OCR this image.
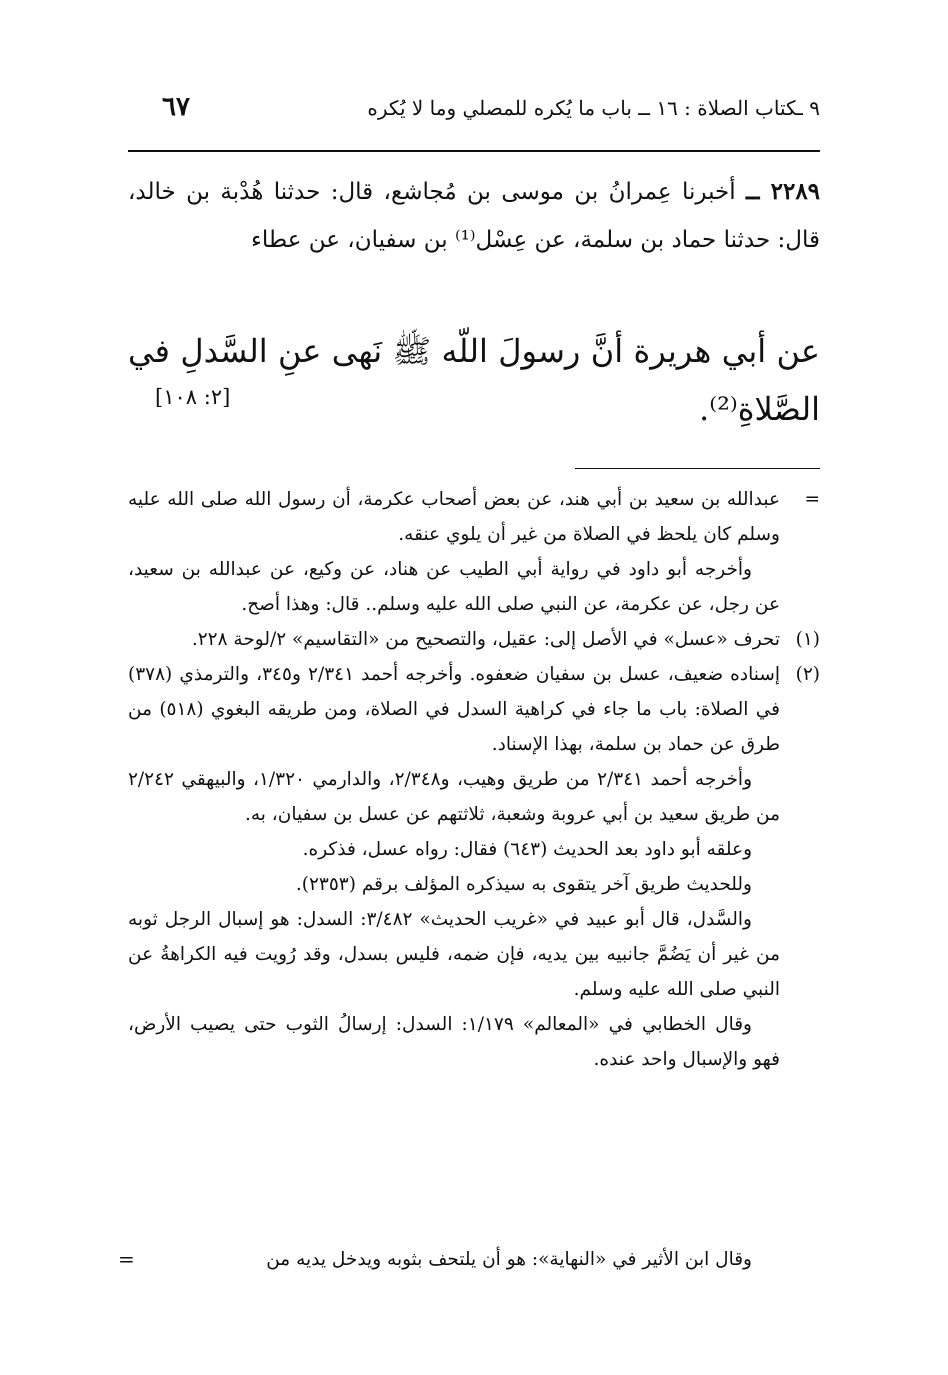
٩ ـكتاب الصلاة : ١٦ ــ باب ما يُكره للمصلي وما لا يُكره
٦٧
٢٢٨٩ ــ أخبرنا عِمرانُ بن موسى بن مُجاشع، قال: حدثنا هُدْبة بن خالد، قال: حدثنا حماد بن سلمة، عن عِسْل⁽¹⁾ بن سفيان، عن عطاء
عن أبي هريرة أنَّ رسولَ اللّه ﷺ نَهى عنِ السَّدلِ في الصَّلاةِ⁽²⁾.
[٢: ١٠٨]

=
عبدالله بن سعيد بن أبي هند، عن بعض أصحاب عكرمة، أن رسول الله صلى الله عليه وسلم كان يلحظ في الصلاة من غير أن يلوي عنقه.

وأخرجه أبو داود في رواية أبي الطيب عن هناد، عن وكيع، عن عبدالله بن سعيد، عن رجل، عن عكرمة، عن النبي صلى الله عليه وسلم.. قال: وهذا أصح.

(١)
تحرف «عسل» في الأصل إلى: عقيل، والتصحيح من «التقاسيم» ٢/لوحة ٢٢٨.

(٢)
إسناده ضعيف، عسل بن سفيان ضعفوه. وأخرجه أحمد ٢/٣٤١ و٣٤٥، والترمذي (٣٧٨) في الصلاة: باب ما جاء في كراهية السدل في الصلاة، ومن طريقه البغوي (٥١٨) من طرق عن حماد بن سلمة، بهذا الإسناد.

وأخرجه أحمد ٢/٣٤١ من طريق وهيب، و٢/٣٤٨، والدارمي ١/٣٢٠، والبيهقي ٢/٢٤٢ من طريق سعيد بن أبي عروبة وشعبة، ثلاثتهم عن عسل بن سفيان، به.

وعلقه أبو داود بعد الحديث (٦٤٣) فقال: رواه عسل، فذكره.

وللحديث طريق آخر يتقوى به سيذكره المؤلف برقم (٢٣٥٣).

والسَّدل، قال أبو عبيد في «غريب الحديث» ٣/٤٨٢: السدل: هو إسبال الرجل ثوبه من غير أن يَضُمَّ جانبيه بين يديه، فإن ضمه، فليس بسدل، وقد رُويت فيه الكراهةُ عن النبي صلى الله عليه وسلم.

وقال الخطابي في «المعالم» ١/١٧٩: السدل: إرسالُ الثوب حتى يصيب الأرض، فهو والإسبال واحد عنده.

وقال ابن الأثير في «النهاية»: هو أن يلتحف بثوبه ويدخل يديه من
=
